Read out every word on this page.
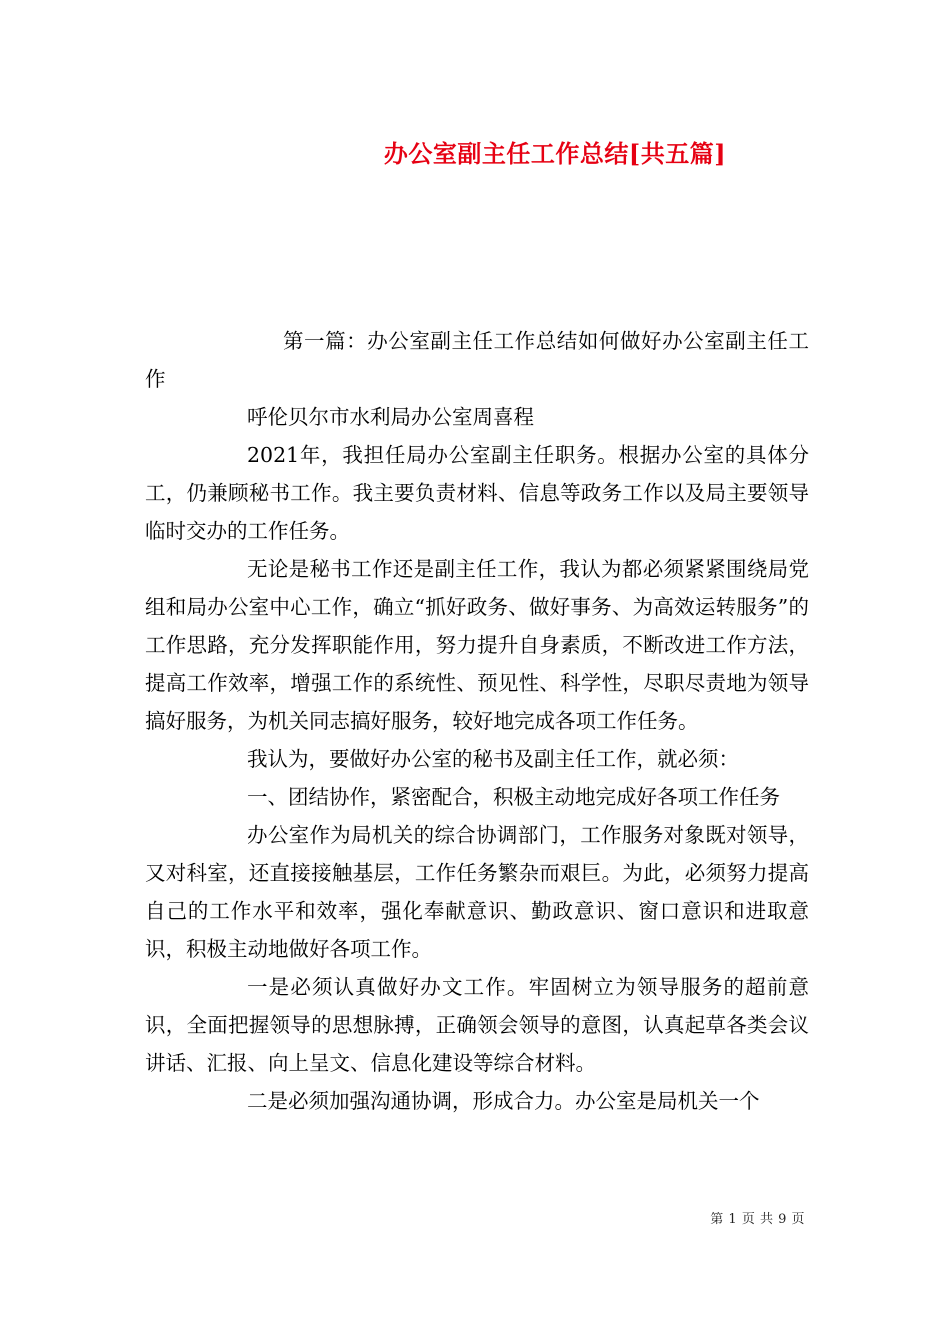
办公室副主任工作总结[共五篇]

第一篇：办公室副主任工作总结如何做好办公室副主任工作

呼伦贝尔市水利局办公室周喜程

2021年，我担任局办公室副主任职务。根据办公室的具体分工，仍兼顾秘书工作。我主要负责材料、信息等政务工作以及局主要领导临时交办的工作任务。

无论是秘书工作还是副主任工作，我认为都必须紧紧围绕局党组和局办公室中心工作，确立“抓好政务、做好事务、为高效运转服务”的工作思路，充分发挥职能作用，努力提升自身素质，不断改进工作方法，提高工作效率，增强工作的系统性、预见性、科学性，尽职尽责地为领导搞好服务，为机关同志搞好服务，较好地完成各项工作任务。

我认为，要做好办公室的秘书及副主任工作，就必须：

一、团结协作，紧密配合，积极主动地完成好各项工作任务

办公室作为局机关的综合协调部门，工作服务对象既对领导，又对科室，还直接接触基层，工作任务繁杂而艰巨。为此，必须努力提高自己的工作水平和效率，强化奉献意识、勤政意识、窗口意识和进取意识，积极主动地做好各项工作。

一是必须认真做好办文工作。牢固树立为领导服务的超前意识，全面把握领导的思想脉搏，正确领会领导的意图，认真起草各类会议讲话、汇报、向上呈文、信息化建设等综合材料。

二是必须加强沟通协调，形成合力。办公室是局机关一个

第 1 页 共 9 页
